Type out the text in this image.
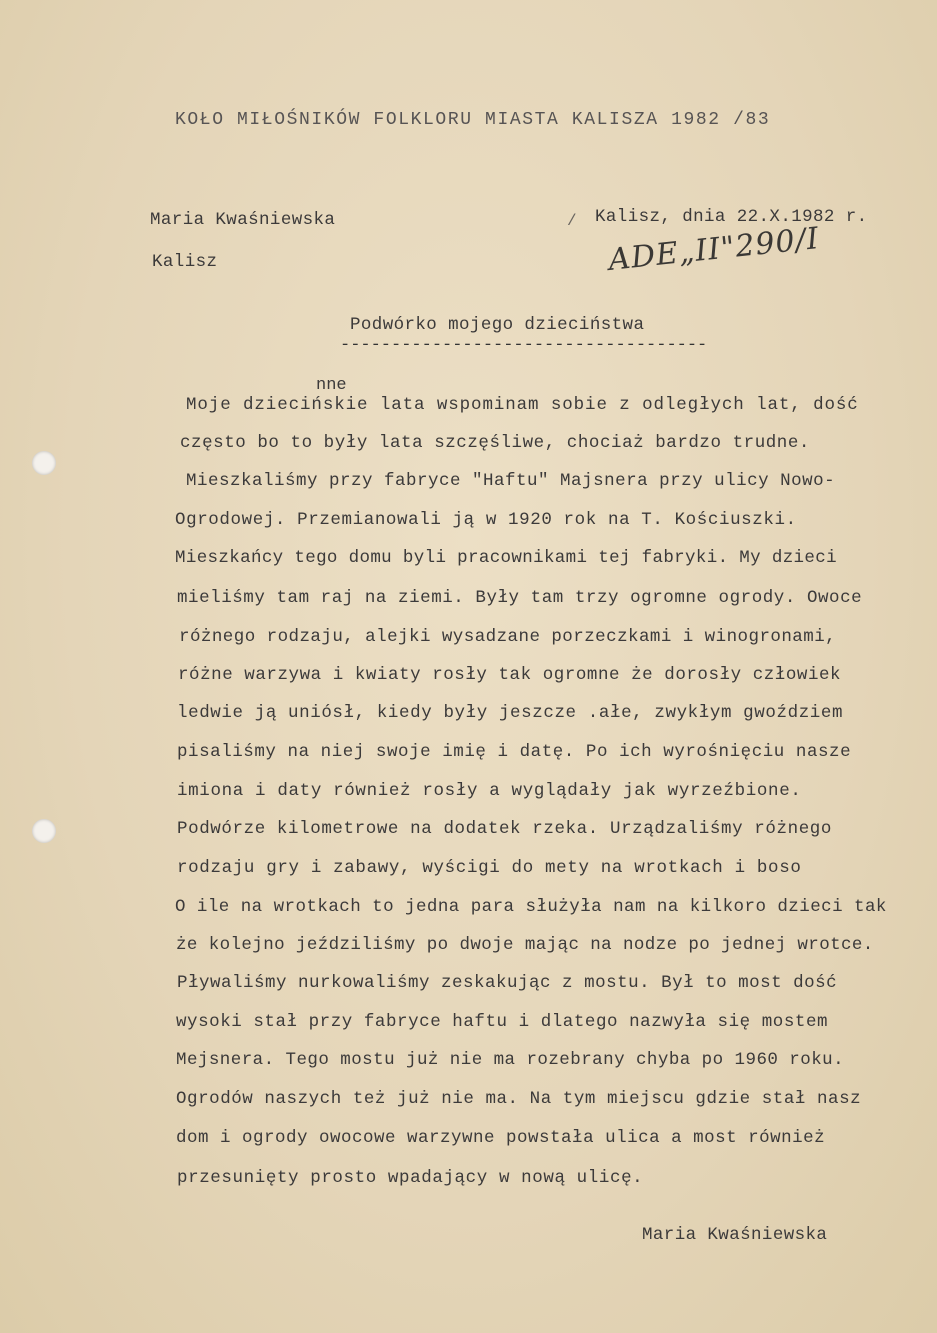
KOŁO MIŁOŚNIKÓW FOLKLORU MIASTA KALISZA 1982 /83
Maria Kwaśniewska
Kalisz
/ Kalisz, dnia 22.X.1982 r.
ADE„II"290/I
Podwórko mojego dzieciństwa
------------------------------------
nne
Moje dziecińskie lata wspominam sobie z odległych lat, dość
często bo to były lata szczęśliwe, chociaż bardzo trudne.
Mieszkaliśmy przy fabryce "Haftu" Majsnera przy ulicy Nowo-
Ogrodowej. Przemianowali ją w 1920 rok na T. Kościuszki.
Mieszkańcy tego domu byli pracownikami tej fabryki. My dzieci
mieliśmy tam raj na ziemi. Były tam trzy ogromne ogrody. Owoce
różnego rodzaju, alejki wysadzane porzeczkami i winogronami,
różne warzywa i kwiaty rosły tak ogromne że dorosły człowiek
ledwie ją uniósł, kiedy były jeszcze .ałe, zwykłym gwoździem
pisaliśmy na niej swoje imię i datę. Po ich wyrośnięciu nasze
imiona i daty również rosły a wyglądały jak wyrzeźbione.
Podwórze kilometrowe na dodatek rzeka. Urządzaliśmy różnego
rodzaju gry i zabawy, wyścigi do mety na wrotkach i boso
O ile na wrotkach to jedna para służyła nam na kilkoro dzieci tak
że kolejno jeździliśmy po dwoje mając na nodze po jednej wrotce.
Pływaliśmy nurkowaliśmy zeskakując z mostu. Był to most dość
wysoki stał przy fabryce haftu i dlatego nazwyła się mostem
Mejsnera. Tego mostu już nie ma rozebrany chyba po 1960 roku.
Ogrodów naszych też już nie ma. Na tym miejscu gdzie stał nasz
dom i ogrody owocowe warzywne powstała ulica a most również
przesunięty prosto wpadający w nową ulicę.
Maria Kwaśniewska
